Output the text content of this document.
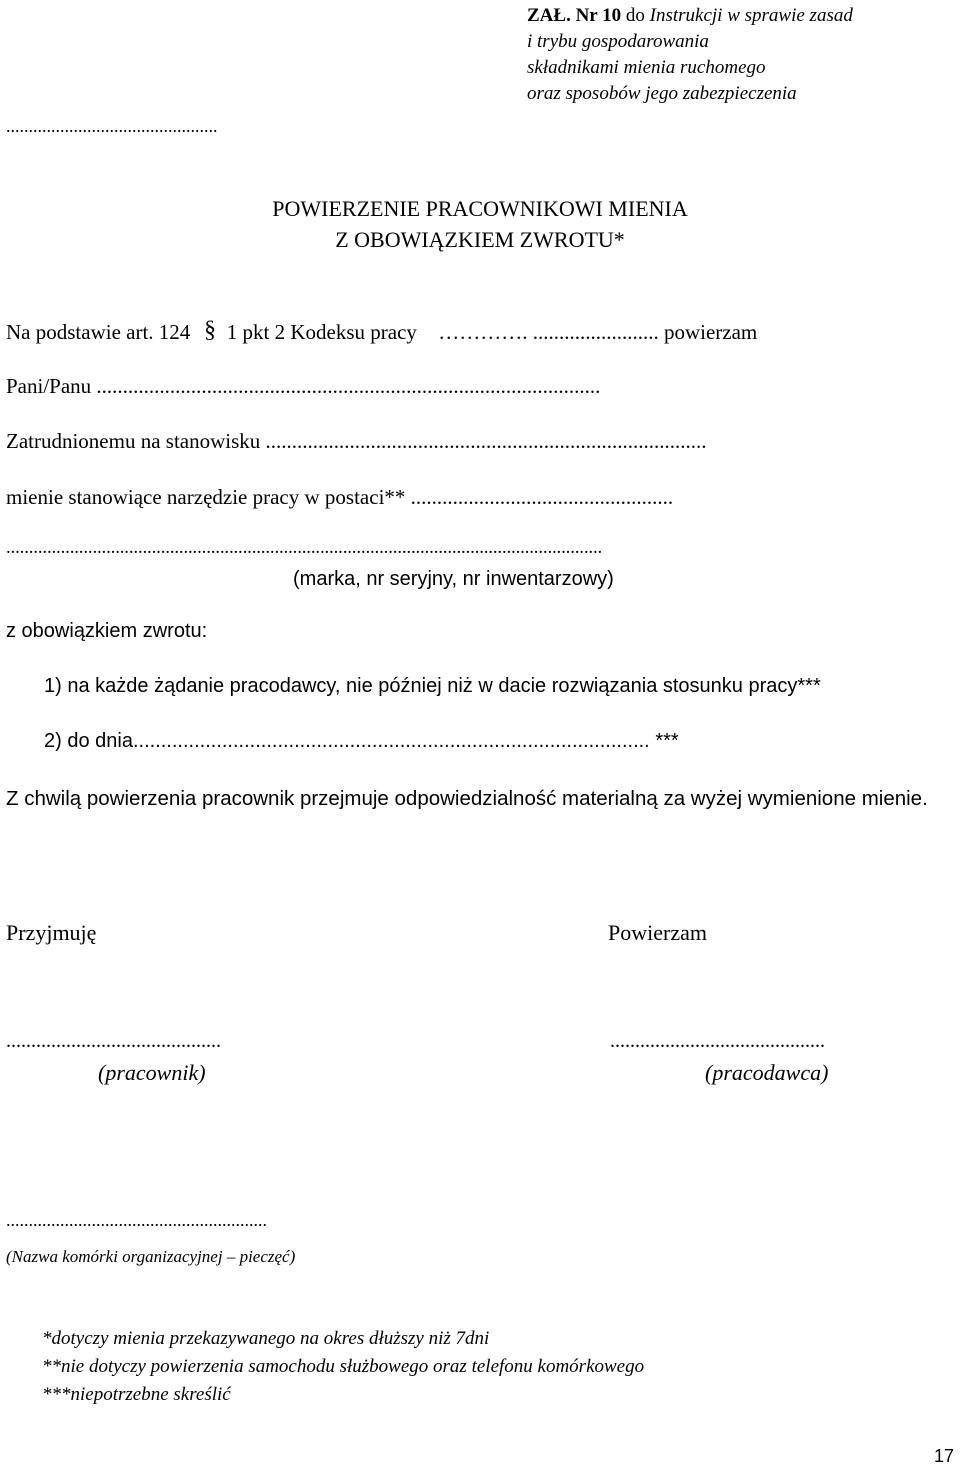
ZAŁ. Nr 10 do Instrukcji w sprawie zasad
i trybu gospodarowania
składnikami mienia ruchomego
oraz sposobów jego zabezpieczenia
...............................................
POWIERZENIE PRACOWNIKOWI MIENIA
Z OBOWIĄZKIEM ZWROTU*
Na podstawie art. 124 § 1 pkt 2 Kodeksu pracy …………. ........................ powierzam
Pani/Panu ................................................................................................
Zatrudnionemu na stanowisku ....................................................................................
mienie stanowiące narzędzie pracy w postaci** ..................................................
...................................................................................................................................
(marka, nr seryjny, nr inwentarzowy)
z obowiązkiem zwrotu:
1) na każde żądanie pracodawcy, nie później niż w dacie rozwiązania stosunku pracy***
2) do dnia............................................................................................. ***
Z chwilą powierzenia pracownik przejmuje odpowiedzialność materialną za wyżej wymienione mienie.
Przyjmuję	Powierzam
...........................................	...........................................
(pracownik)	(pracodawca)
..........................................................
(Nazwa komórki organizacyjnej – pieczęć)
*dotyczy mienia przekazywanego na okres dłuższy niż 7dni
**nie dotyczy powierzenia samochodu służbowego oraz telefonu komórkowego
***niepotrzebne skreślić
17
